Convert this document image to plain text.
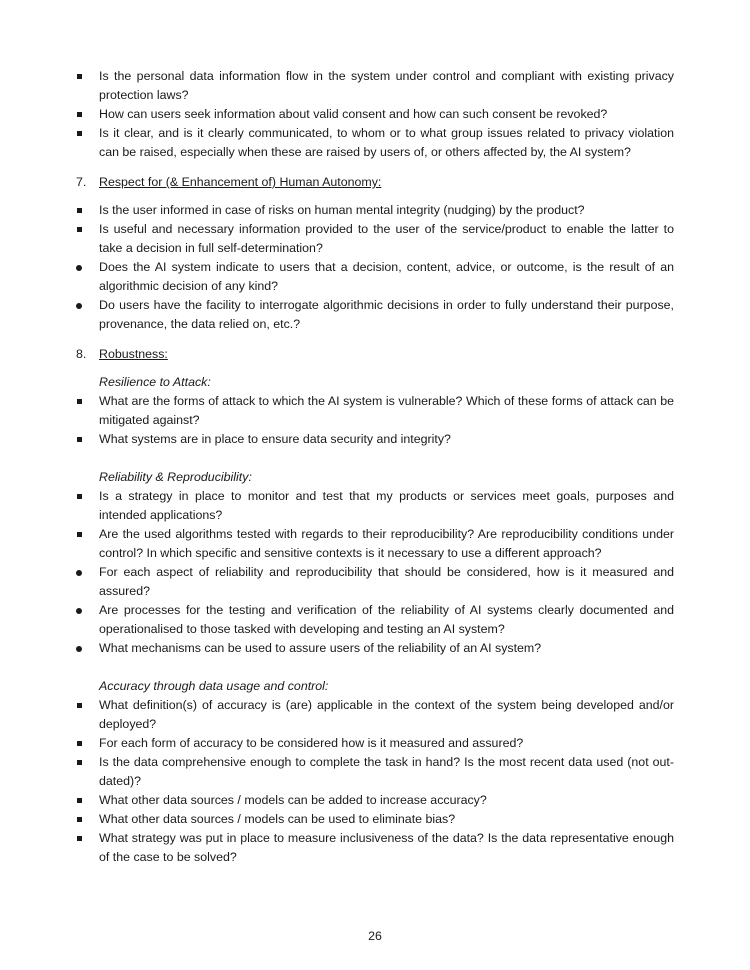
Is the personal data information flow in the system under control and compliant with existing privacy protection laws?
How can users seek information about valid consent and how can such consent be revoked?
Is it clear, and is it clearly communicated, to whom or to what group issues related to privacy violation can be raised, especially when these are raised by users of, or others affected by, the AI system?
7. Respect for (& Enhancement of) Human Autonomy:
Is the user informed in case of risks on human mental integrity (nudging) by the product?
Is useful and necessary information provided to the user of the service/product to enable the latter to take a decision in full self-determination?
Does the AI system indicate to users that a decision, content, advice, or outcome, is the result of an algorithmic decision of any kind?
Do users have the facility to interrogate algorithmic decisions in order to fully understand their purpose, provenance, the data relied on, etc.?
8. Robustness:

Resilience to Attack:

What are the forms of attack to which the AI system is vulnerable? Which of these forms of attack can be mitigated against?
What systems are in place to ensure data security and integrity?

Reliability & Reproducibility:

Is a strategy in place to monitor and test that my products or services meet goals, purposes and intended applications?
Are the used algorithms tested with regards to their reproducibility? Are reproducibility conditions under control? In which specific and sensitive contexts is it necessary to use a different approach?
For each aspect of reliability and reproducibility that should be considered, how is it measured and assured?
Are processes for the testing and verification of the reliability of AI systems clearly documented and operationalised to those tasked with developing and testing an AI system?
What mechanisms can be used to assure users of the reliability of an AI system?

Accuracy through data usage and control:

What definition(s) of accuracy is (are) applicable in the context of the system being developed and/or deployed?
For each form of accuracy to be considered how is it measured and assured?
Is the data comprehensive enough to complete the task in hand? Is the most recent data used (not out-dated)?
What other data sources / models can be added to increase accuracy?
What other data sources / models can be used to eliminate bias?
What strategy was put in place to measure inclusiveness of the data? Is the data representative enough of the case to be solved?
26
